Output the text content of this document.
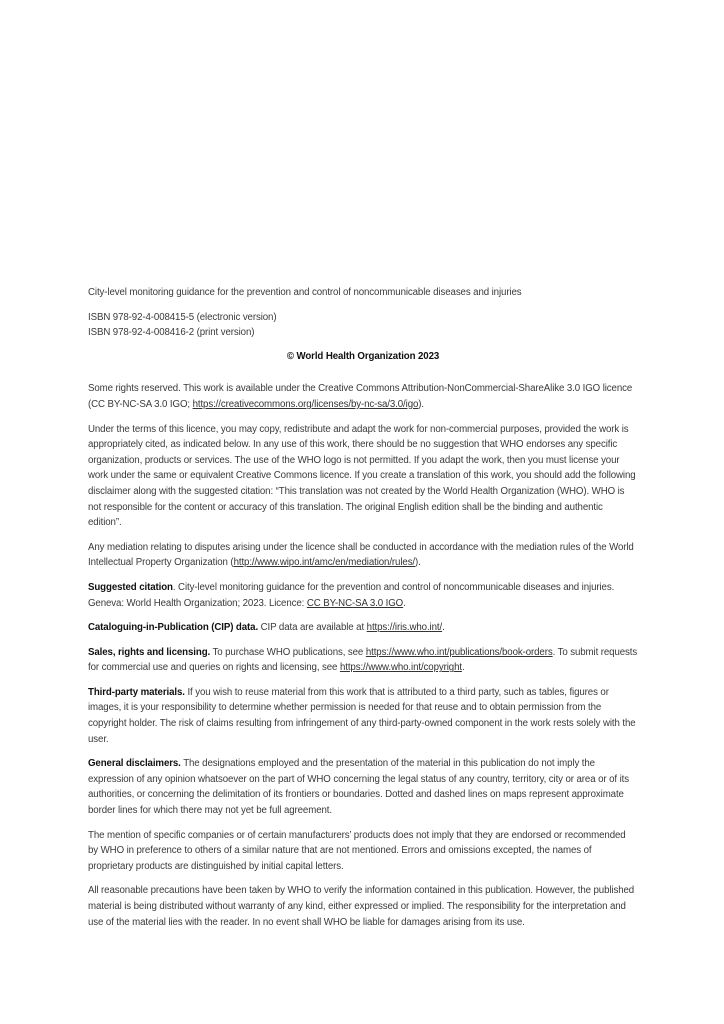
City-level monitoring guidance for the prevention and control of noncommunicable diseases and injuries

ISBN 978-92-4-008415-5 (electronic version)

ISBN 978-92-4-008416-2 (print version)

© World Health Organization 2023

Some rights reserved. This work is available under the Creative Commons Attribution-NonCommercial-ShareAlike 3.0 IGO licence (CC BY-NC-SA 3.0 IGO; https://creativecommons.org/licenses/by-nc-sa/3.0/igo).

Under the terms of this licence, you may copy, redistribute and adapt the work for non-commercial purposes, provided the work is appropriately cited, as indicated below. In any use of this work, there should be no suggestion that WHO endorses any specific organization, products or services. The use of the WHO logo is not permitted. If you adapt the work, then you must license your work under the same or equivalent Creative Commons licence. If you create a translation of this work, you should add the following disclaimer along with the suggested citation: “This translation was not created by the World Health Organization (WHO). WHO is not responsible for the content or accuracy of this translation. The original English edition shall be the binding and authentic edition”.

Any mediation relating to disputes arising under the licence shall be conducted in accordance with the mediation rules of the World Intellectual Property Organization (http://www.wipo.int/amc/en/mediation/rules/).

Suggested citation. City-level monitoring guidance for the prevention and control of noncommunicable diseases and injuries. Geneva: World Health Organization; 2023. Licence: CC BY-NC-SA 3.0 IGO.

Cataloguing-in-Publication (CIP) data. CIP data are available at https://iris.who.int/.

Sales, rights and licensing. To purchase WHO publications, see https://www.who.int/publications/book-orders. To submit requests for commercial use and queries on rights and licensing, see https://www.who.int/copyright.

Third-party materials. If you wish to reuse material from this work that is attributed to a third party, such as tables, figures or images, it is your responsibility to determine whether permission is needed for that reuse and to obtain permission from the copyright holder. The risk of claims resulting from infringement of any third-party-owned component in the work rests solely with the user.

General disclaimers. The designations employed and the presentation of the material in this publication do not imply the expression of any opinion whatsoever on the part of WHO concerning the legal status of any country, territory, city or area or of its authorities, or concerning the delimitation of its frontiers or boundaries. Dotted and dashed lines on maps represent approximate border lines for which there may not yet be full agreement.

The mention of specific companies or of certain manufacturers’ products does not imply that they are endorsed or recommended by WHO in preference to others of a similar nature that are not mentioned. Errors and omissions excepted, the names of proprietary products are distinguished by initial capital letters.

All reasonable precautions have been taken by WHO to verify the information contained in this publication. However, the published material is being distributed without warranty of any kind, either expressed or implied. The responsibility for the interpretation and use of the material lies with the reader. In no event shall WHO be liable for damages arising from its use.
